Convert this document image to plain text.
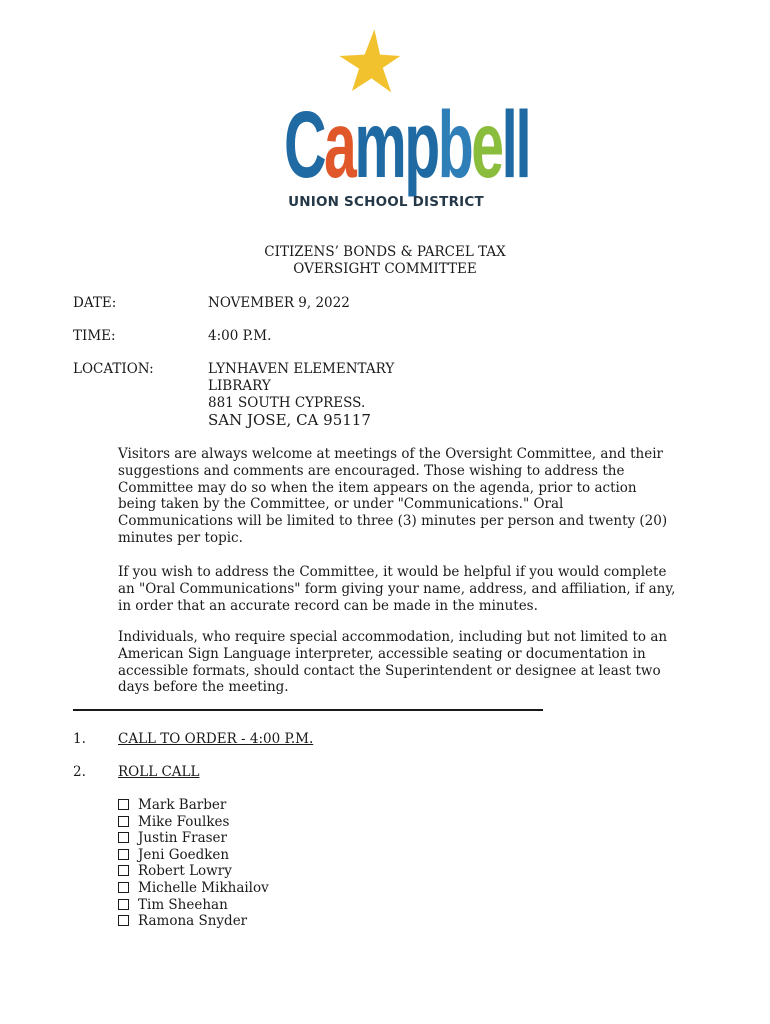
Campbell
UNION SCHOOL DISTRICT
CITIZENS’ BONDS & PARCEL TAX
OVERSIGHT COMMITTEE
DATE:	NOVEMBER 9, 2022
TIME:	4:00 P.M.
LOCATION:	LYNHAVEN ELEMENTARY
LIBRARY
881 SOUTH CYPRESS.
SAN JOSE, CA 95117

Visitors are always welcome at meetings of the Oversight Committee, and their suggestions and comments are encouraged. Those wishing to address the Committee may do so when the item appears on the agenda, prior to action being taken by the Committee, or under "Communications." Oral Communications will be limited to three (3) minutes per person and twenty (20) minutes per topic.

If you wish to address the Committee, it would be helpful if you would complete an "Oral Communications" form giving your name, address, and affiliation, if any, in order that an accurate record can be made in the minutes.

Individuals, who require special accommodation, including but not limited to an American Sign Language interpreter, accessible seating or documentation in accessible formats, should contact the Superintendent or designee at least two days before the meeting.

1. CALL TO ORDER - 4:00 P.M.
2. ROLL CALL
Mark Barber
Mike Foulkes
Justin Fraser
Jeni Goedken
Robert Lowry
Michelle Mikhailov
Tim Sheehan
Ramona Snyder
